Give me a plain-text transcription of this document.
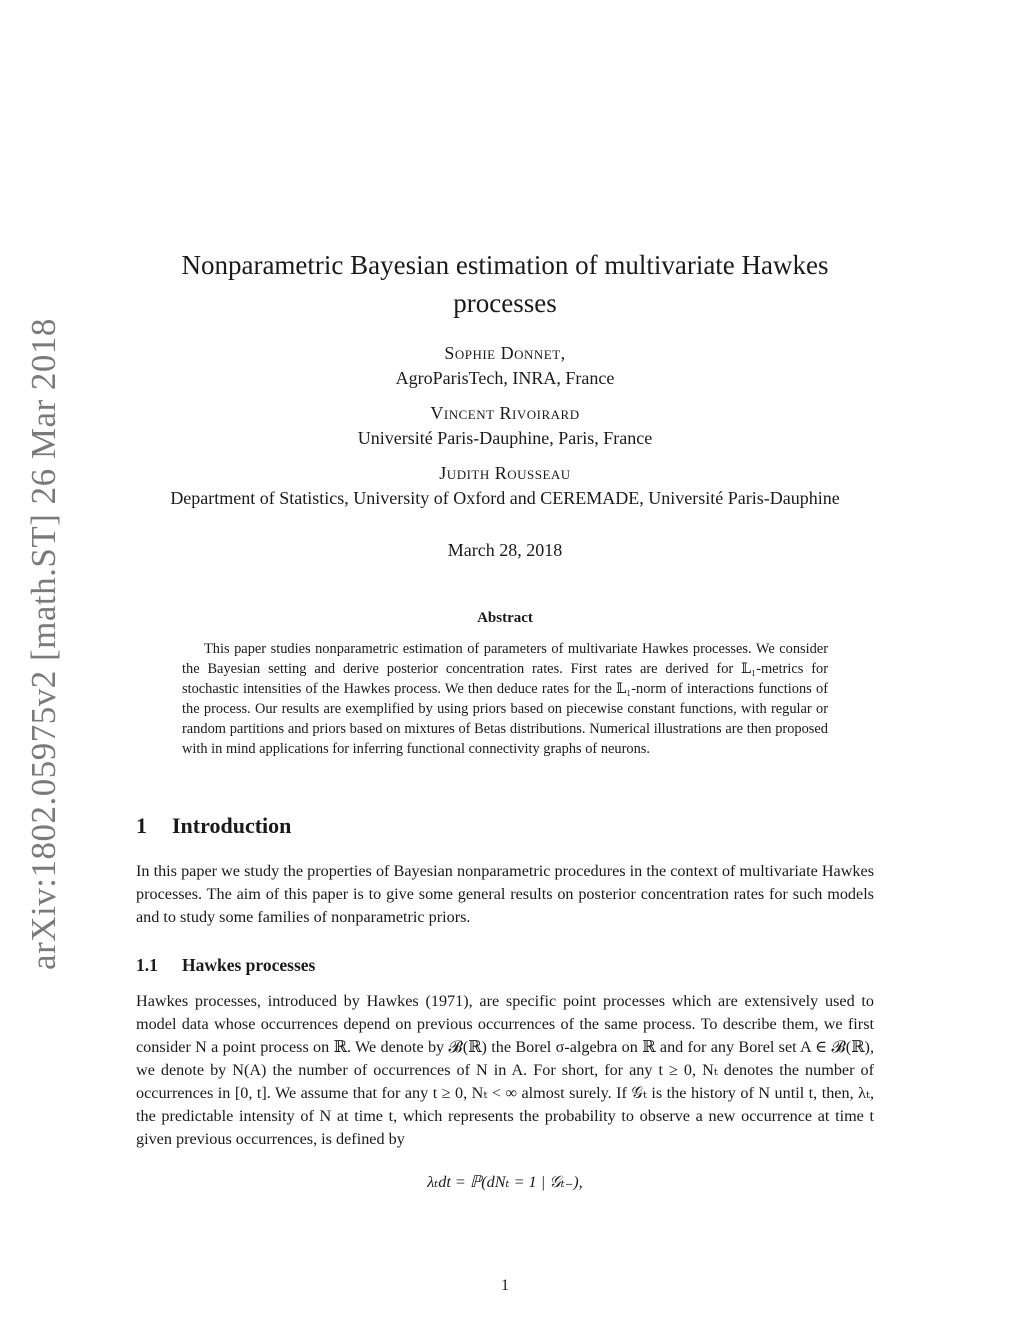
arXiv:1802.05975v2 [math.ST] 26 Mar 2018
Nonparametric Bayesian estimation of multivariate Hawkes processes
Sophie Donnet,
AgroParisTech, INRA, France
Vincent Rivoirard
Université Paris-Dauphine, Paris, France
Judith Rousseau
Department of Statistics, University of Oxford and CEREMADE, Université Paris-Dauphine
March 28, 2018
Abstract
This paper studies nonparametric estimation of parameters of multivariate Hawkes processes. We consider the Bayesian setting and derive posterior concentration rates. First rates are derived for 𝕃₁-metrics for stochastic intensities of the Hawkes process. We then deduce rates for the 𝕃₁-norm of interactions functions of the process. Our results are exemplified by using priors based on piecewise constant functions, with regular or random partitions and priors based on mixtures of Betas distributions. Numerical illustrations are then proposed with in mind applications for inferring functional connectivity graphs of neurons.
1 Introduction
In this paper we study the properties of Bayesian nonparametric procedures in the context of multivariate Hawkes processes. The aim of this paper is to give some general results on posterior concentration rates for such models and to study some families of nonparametric priors.
1.1 Hawkes processes
Hawkes processes, introduced by Hawkes (1971), are specific point processes which are extensively used to model data whose occurrences depend on previous occurrences of the same process. To describe them, we first consider N a point process on ℝ. We denote by 𝓑(ℝ) the Borel σ-algebra on ℝ and for any Borel set A ∈ 𝓑(ℝ), we denote by N(A) the number of occurrences of N in A. For short, for any t ≥ 0, Nₜ denotes the number of occurrences in [0, t]. We assume that for any t ≥ 0, Nₜ < ∞ almost surely. If 𝒢ₜ is the history of N until t, then, λₜ, the predictable intensity of N at time t, which represents the probability to observe a new occurrence at time t given previous occurrences, is defined by
λₜdt = ℙ(dNₜ = 1 | 𝒢ₜ₋),
1
